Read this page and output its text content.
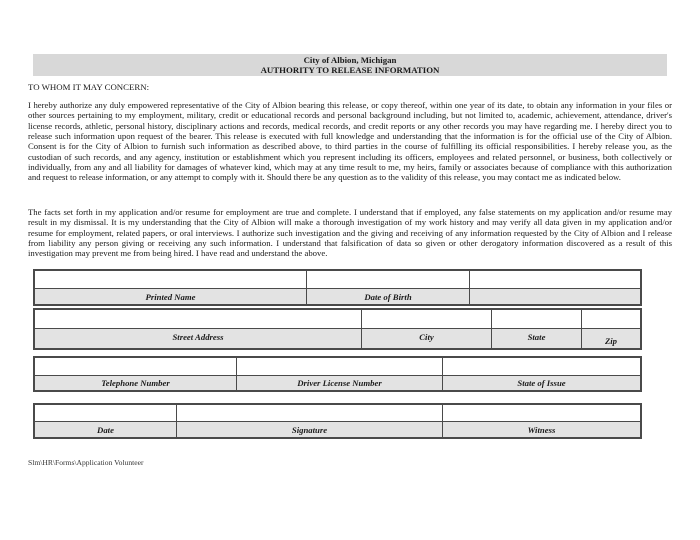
City of Albion, Michigan
AUTHORITY TO RELEASE INFORMATION
TO WHOM IT MAY CONCERN:
I hereby authorize any duly empowered representative of the City of Albion bearing this release, or copy thereof, within one year of its date, to obtain any information in your files or other sources pertaining to my employment, military, credit or educational records and personal background including, but not limited to, academic, achievement, attendance, driver's license records, athletic, personal history, disciplinary actions and records, medical records, and credit reports or any other records you may have regarding me. I hereby direct you to release such information upon request of the bearer. This release is executed with full knowledge and understanding that the information is for the official use of the City of Albion. Consent is for the City of Albion to furnish such information as described above, to third parties in the course of fulfilling its official responsibilities. I hereby release you, as the custodian of such records, and any agency, institution or establishment which you represent including its officers, employees and related personnel, or business, both collectively or individually, from any and all liability for damages of whatever kind, which may at any time result to me, my heirs, family or associates because of compliance with this authorization and request to release information, or any attempt to comply with it. Should there be any question as to the validity of this release, you may contact me as indicated below.
The facts set forth in my application and/or resume for employment are true and complete. I understand that if employed, any false statements on my application and/or resume may result in my dismissal. It is my understanding that the City of Albion will make a thorough investigation of my work history and may verify all data given in my application and/or resume for employment, related papers, or oral interviews. I authorize such investigation and the giving and receiving of any information requested by the City of Albion and I release from liability any person giving or receiving any such information. I understand that falsification of data so given or other derogatory information discovered as a result of this investigation may prevent me from being hired. I have read and understand the above.
Printed Name	Date of Birth
Street Address	City	State	Zip
Telephone Number	Driver License Number	State of Issue
Date	Signature	Witness
Slm\HR\Forms\Application Volunteer
